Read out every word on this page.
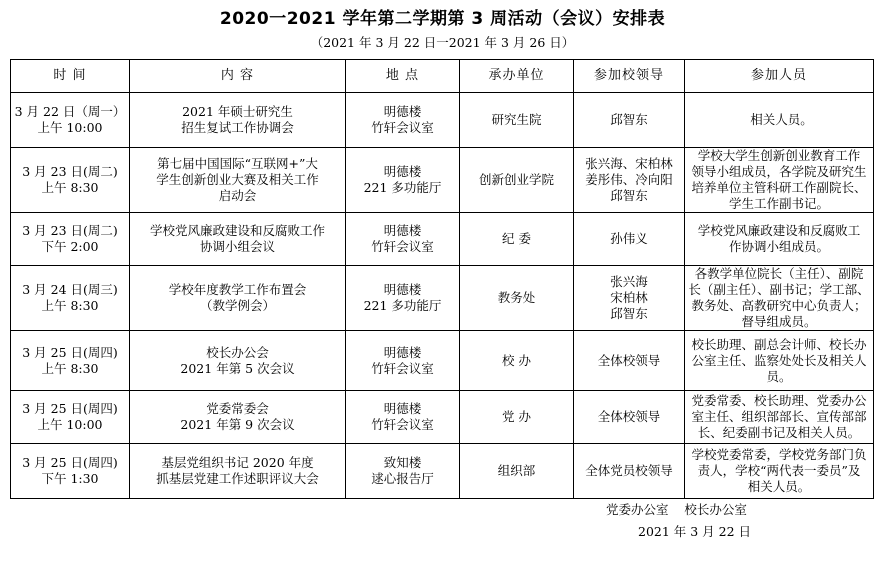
2020一2021 学年第二学期第 3 周活动（会议）安排表
（2021 年 3 月 22 日一2021 年 3 月 26 日）
时 间	内 容	地 点	承办单位	参加校领导	参加人员

3 月 22 日（周一）
上午 10:00	2021 年硕士研究生
招生复试工作协调会	明德楼
竹轩会议室	研究生院	邱智东	相关人员。

3 月 23 日(周二)
上午 8:30	第七届中国国际“互联网+”大
学生创新创业大赛及相关工作
启动会	明德楼
221 多功能厅	创新创业学院	张兴海、宋柏林
姜彤伟、冷向阳
邱智东	学校大学生创新创业教育工作
领导小组成员，各学院及研究生
培养单位主管科研工作副院长、
学生工作副书记。

3 月 23 日(周二)
下午 2:00	学校党风廉政建设和反腐败工作
协调小组会议	明德楼
竹轩会议室	纪 委	孙伟义	学校党风廉政建设和反腐败工
作协调小组成员。

3 月 24 日(周三)
上午 8:30	学校年度教学工作布置会
（教学例会）	明德楼
221 多功能厅	教务处	张兴海
宋柏林
邱智东	各教学单位院长（主任）、副院
长（副主任）、副书记；学工部、
教务处、高教研究中心负责人；
督导组成员。

3 月 25 日(周四)
上午 8:30	校长办公会
2021 年第 5 次会议	明德楼
竹轩会议室	校 办	全体校领导	校长助理、副总会计师、校长办
公室主任、监察处处长及相关人
员。

3 月 25 日(周四)
上午 10:00	党委常委会
2021 年第 9 次会议	明德楼
竹轩会议室	党 办	全体校领导	党委常委、校长助理、党委办公
室主任、组织部部长、宣传部部
长、纪委副书记及相关人员。

3 月 25 日(周四)
下午 1:30	基层党组织书记 2020 年度
抓基层党建工作述职评议大会	致知楼
逑心报告厅	组织部	全体党员校领导	学校党委常委，学校党务部门负
责人，学校“两代表一委员”及
相关人员。
党委办公室    校长办公室
2021 年 3 月 22 日
